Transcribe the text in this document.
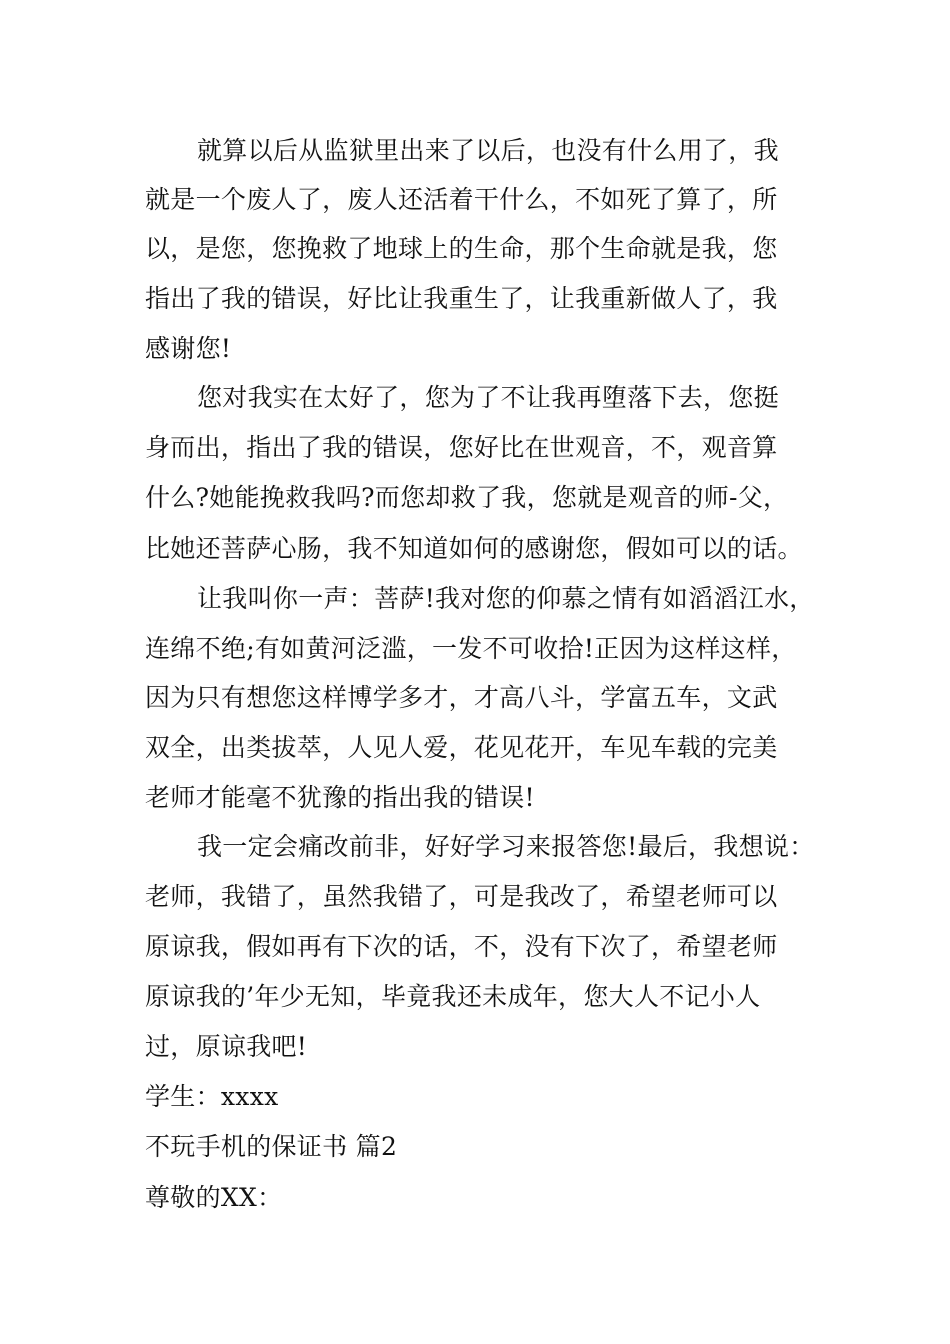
就算以后从监狱里出来了以后，也没有什么用了，我

就是一个废人了，废人还活着干什么，不如死了算了，所

以，是您，您挽救了地球上的生命，那个生命就是我，您

指出了我的错误，好比让我重生了，让我重新做人了，我

感谢您!

您对我实在太好了，您为了不让我再堕落下去，您挺

身而出，指出了我的错误，您好比在世观音，不，观音算

什么?她能挽救我吗?而您却救了我，您就是观音的师-父，

比她还菩萨心肠，我不知道如何的感谢您，假如可以的话。

让我叫你一声：菩萨!我对您的仰慕之情有如滔滔江水，

连绵不绝;有如黄河泛滥，一发不可收拾!正因为这样这样，

因为只有想您这样博学多才，才高八斗，学富五车，文武

双全，出类拔萃，人见人爱，花见花开，车见车载的完美

老师才能毫不犹豫的指出我的错误!

我一定会痛改前非，好好学习来报答您!最后，我想说：

老师，我错了，虽然我错了，可是我改了，希望老师可以

原谅我，假如再有下次的话，不，没有下次了，希望老师

原谅我的’年少无知，毕竟我还未成年，您大人不记小人

过，原谅我吧!

学生：xxxx

不玩手机的保证书 篇2

尊敬的XX：
